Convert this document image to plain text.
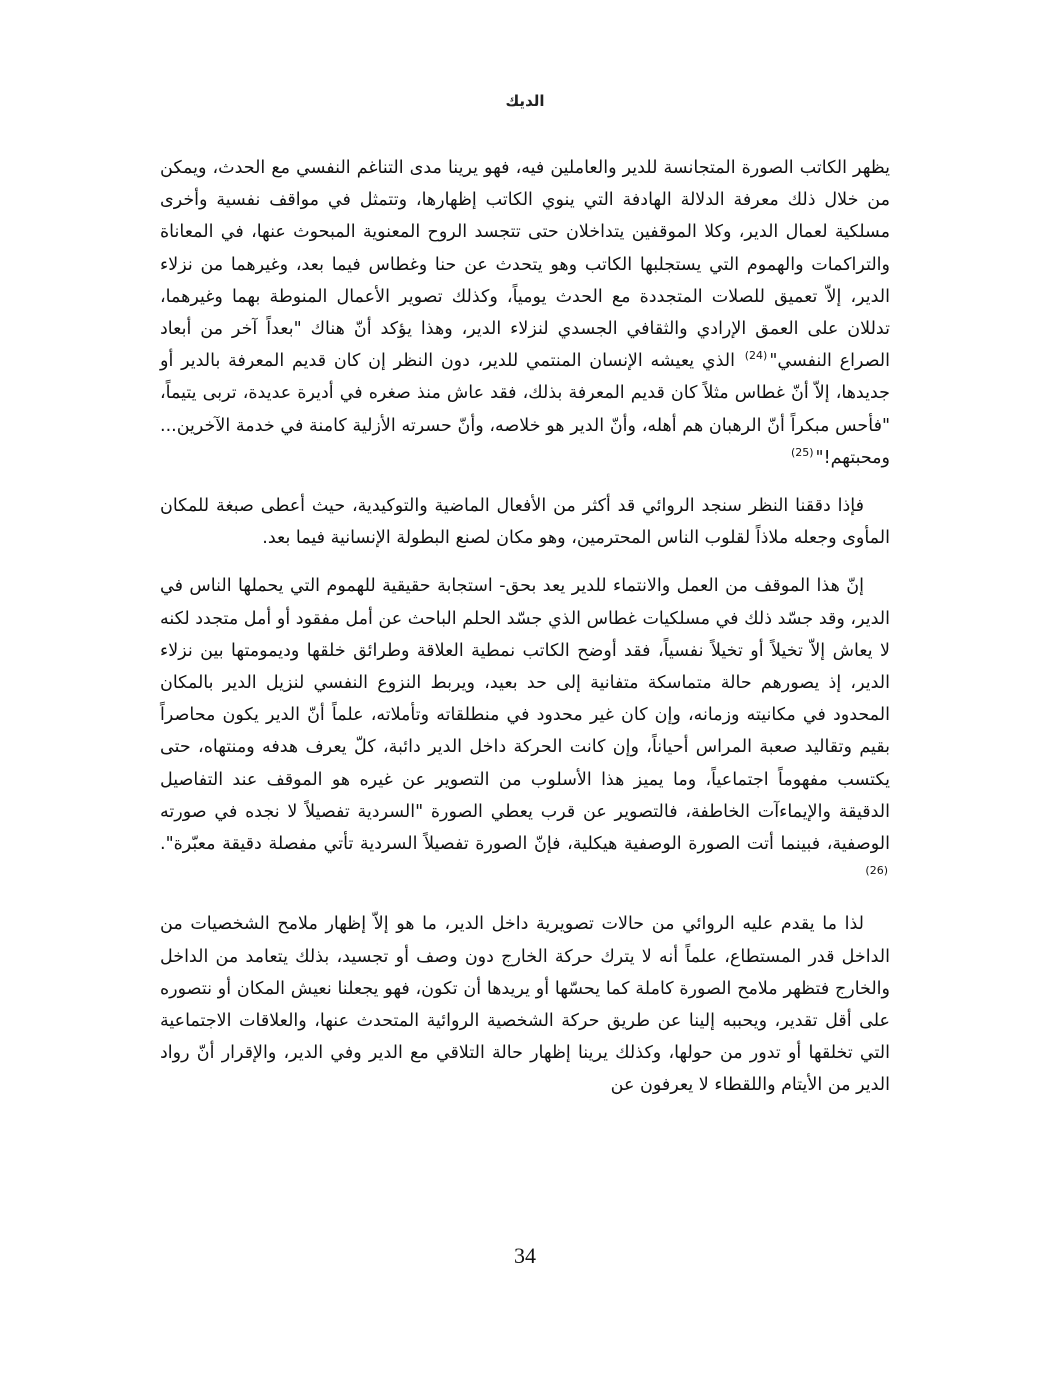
الديك

يظهر الكاتب الصورة المتجانسة للدير والعاملين فيه، فهو يرينا مدى التناغم النفسي مع الحدث، ويمكن من خلال ذلك معرفة الدلالة الهادفة التي ينوي الكاتب إظهارها، وتتمثل في مواقف نفسية وأخرى مسلكية لعمال الدير، وكلا الموقفين يتداخلان حتى تتجسد الروح المعنوية المبحوث عنها، في المعاناة والتراكمات والهموم التي يستجلبها الكاتب وهو يتحدث عن حنا وغطاس فيما بعد، وغيرهما من نزلاء الدير، إلاّ تعميق للصلات المتجددة مع الحدث يومياً، وكذلك تصوير الأعمال المنوطة بهما وغيرهما، تدللان على العمق الإرادي والثقافي الجسدي لنزلاء الدير، وهذا يؤكد أنّ هناك "بعداً آخر من أبعاد الصراع النفسي"$^{(24)}$ الذي يعيشه الإنسان المنتمي للدير، دون النظر إن كان قديم المعرفة بالدير أو جديدها، إلاّ أنّ غطاس مثلاً كان قديم المعرفة بذلك، فقد عاش منذ صغره في أديرة عديدة، تربى يتيماً، "فأحس مبكراً أنّ الرهبان هم أهله، وأنّ الدير هو خلاصه، وأنّ حسرته الأزلية كامنة في خدمة الآخرين... ومحبتهم!"$^{(25)}$

فإذا دققنا النظر سنجد الروائي قد أكثر من الأفعال الماضية والتوكيدية، حيث أعطى صبغة للمكان المأوى وجعله ملاذاً لقلوب الناس المحترمين، وهو مكان لصنع البطولة الإنسانية فيما بعد.

إنّ هذا الموقف من العمل والانتماء للدير يعد بحق- استجابة حقيقية للهموم التي يحملها الناس في الدير، وقد جسّد ذلك في مسلكيات غطاس الذي جسّد الحلم الباحث عن أمل مفقود أو أمل متجدد لكنه لا يعاش إلاّ تخيلاً أو تخيلاً نفسياً، فقد أوضح الكاتب نمطية العلاقة وطرائق خلقها وديمومتها بين نزلاء الدير، إذ يصورهم حالة متماسكة متفانية إلى حد بعيد، ويربط النزوع النفسي لنزيل الدير بالمكان المحدود في مكانيته وزمانه، وإن كان غير محدود في منطلقاته وتأملاته، علماً أنّ الدير يكون محاصراً بقيم وتقاليد صعبة المراس أحياناً، وإن كانت الحركة داخل الدير دائبة، كلّ يعرف هدفه ومنتهاه، حتى يكتسب مفهوماً اجتماعياً، وما يميز هذا الأسلوب من التصوير عن غيره هو الموقف عند التفاصيل الدقيقة والإيماءآت الخاطفة، فالتصوير عن قرب يعطي الصورة "السردية تفصيلاً لا نجده في صورته الوصفية، فبينما أتت الصورة الوصفية هيكلية، فإنّ الصورة تفصيلاً السردية تأتي مفصلة دقيقة معبّرة".$^{(26)}$

لذا ما يقدم عليه الروائي من حالات تصويرية داخل الدير، ما هو إلاّ إظهار ملامح الشخصيات من الداخل قدر المستطاع، علماً أنه لا يترك حركة الخارج دون وصف أو تجسيد، بذلك يتعامد من الداخل والخارج فتظهر ملامح الصورة كاملة كما يحسّها أو يريدها أن تكون، فهو يجعلنا نعيش المكان أو نتصوره على أقل تقدير، ويحببه إلينا عن طريق حركة الشخصية الروائية المتحدث عنها، والعلاقات الاجتماعية التي تخلقها أو تدور من حولها، وكذلك يرينا إظهار حالة التلاقي مع الدير وفي الدير، والإقرار أنّ رواد الدير من الأيتام واللقطاء لا يعرفون عن

34
